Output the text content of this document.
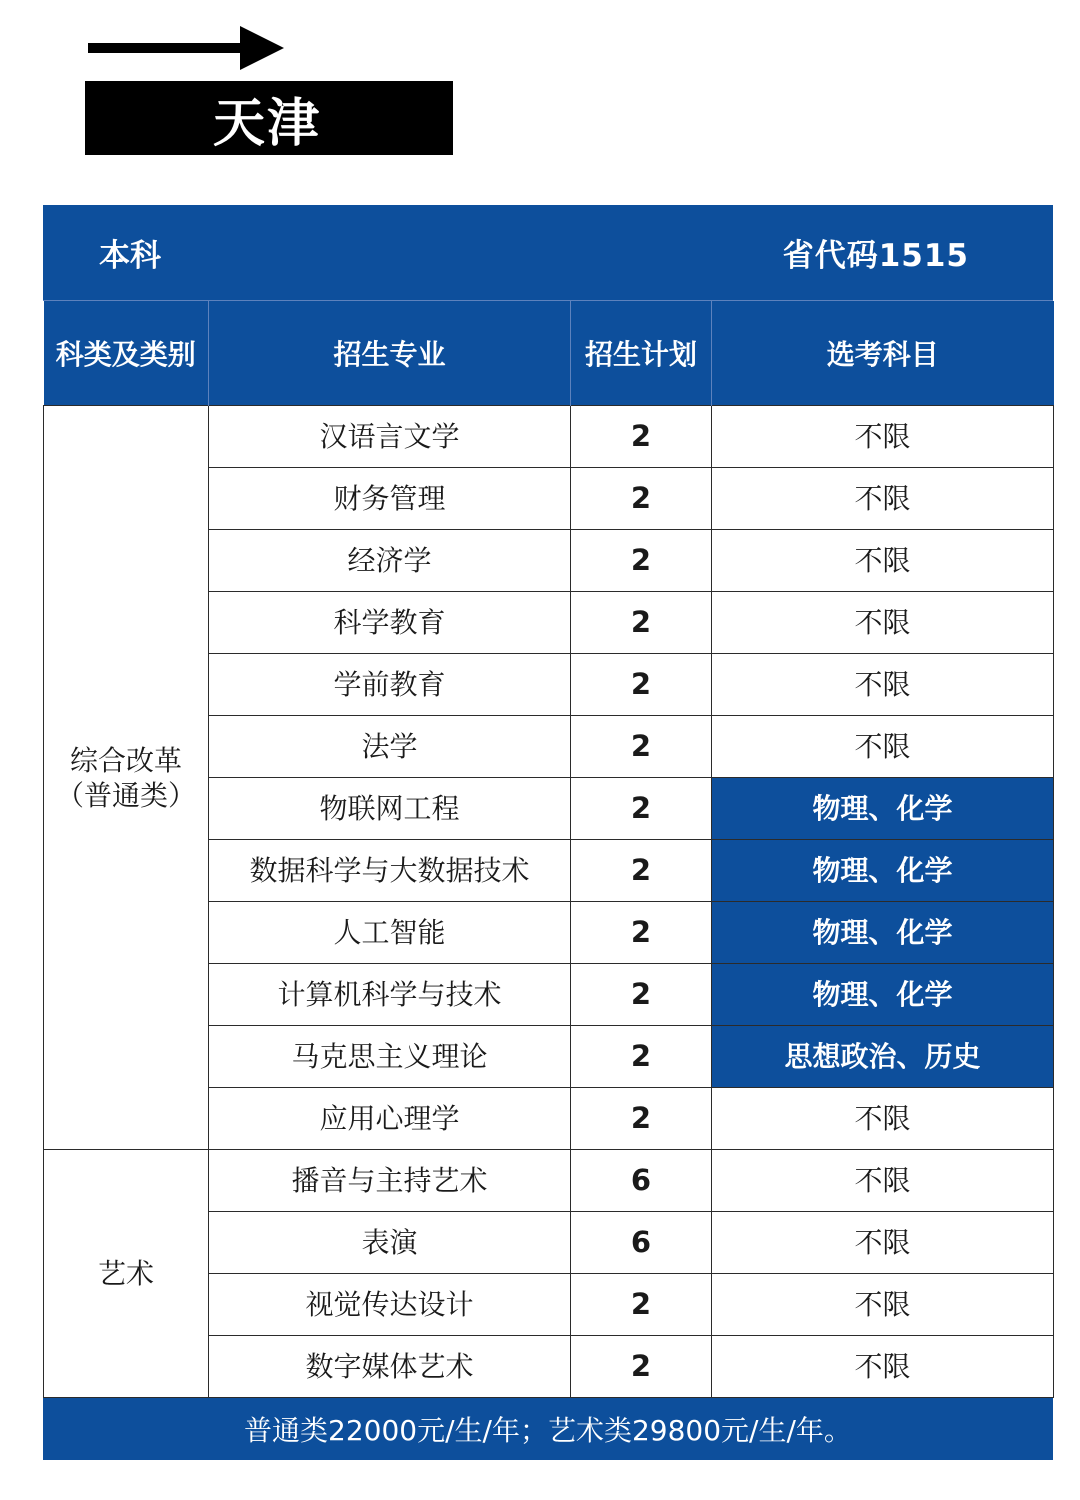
天津
本科	省代码1515
科类及类别	招生专业	招生计划	选考科目

综合改革
（普通类）	汉语言文学	2	不限
	财务管理	2	不限
	经济学	2	不限
	科学教育	2	不限
	学前教育	2	不限
	法学	2	不限
	物联网工程	2	物理、化学
	数据科学与大数据技术	2	物理、化学
	人工智能	2	物理、化学
	计算机科学与技术	2	物理、化学
	马克思主义理论	2	思想政治、历史
	应用心理学	2	不限

艺术	播音与主持艺术	6	不限
	表演	6	不限
	视觉传达设计	2	不限
	数字媒体艺术	2	不限
普通类22000元/生/年；艺术类29800元/生/年。
